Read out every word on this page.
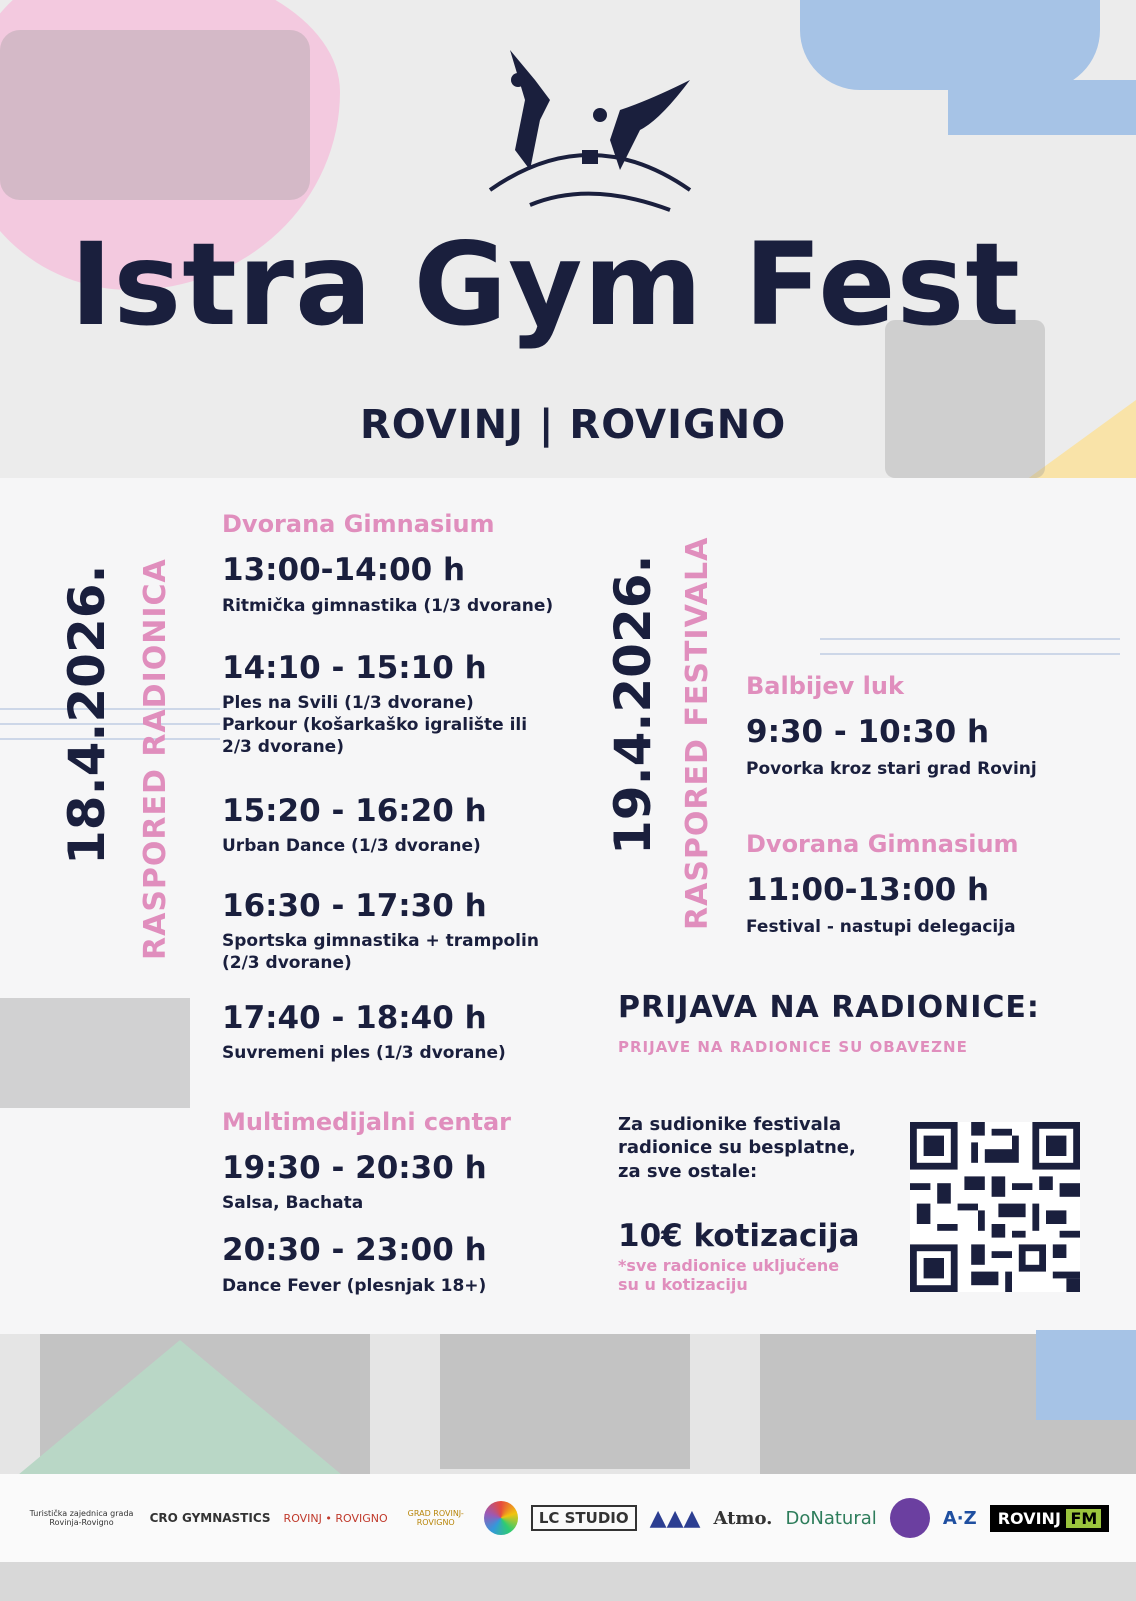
Istra Gym Fest
ROVINJ | ROVIGNO
18.4.2026. RASPORED RADIONICA
Dvorana Gimnasium
13:00-14:00 h
Ritmička gimnastika (1/3 dvorane)
14:10 - 15:10 h
Ples na Svili (1/3 dvorane)
Parkour (košarkaško igralište ili
2/3 dvorane)
15:20 - 16:20 h
Urban Dance (1/3 dvorane)
16:30 - 17:30 h
Sportska gimnastika + trampolin
(2/3 dvorane)
17:40 - 18:40 h
Suvremeni ples (1/3 dvorane)
Multimedijalni centar
19:30 - 20:30 h
Salsa, Bachata
20:30 - 23:00 h
Dance Fever (plesnjak 18+)
19.4.2026. RASPORED FESTIVALA Balbijev luk
9:30 - 10:30 h
Povorka kroz stari grad Rovinj
Dvorana Gimnasium
11:00-13:00 h
Festival - nastupi delegacija
PRIJAVA NA RADIONICE:
PRIJAVE NA RADIONICE SU OBAVEZNE
Za sudionike festivala
radionice su besplatne,
za sve ostale:
10€ kotizacija
*sve radionice uključene
su u kotizaciju
Turistička zajednica grada Rovinja-Rovigno	CRO GYMNASTICS ROVINJ • ROVIGNO	GRAD ROVINJ-ROVIGNO	LC STUDIO ▲▲▲ Atmo. DoNatural	A·Z	ROVINJ FM
